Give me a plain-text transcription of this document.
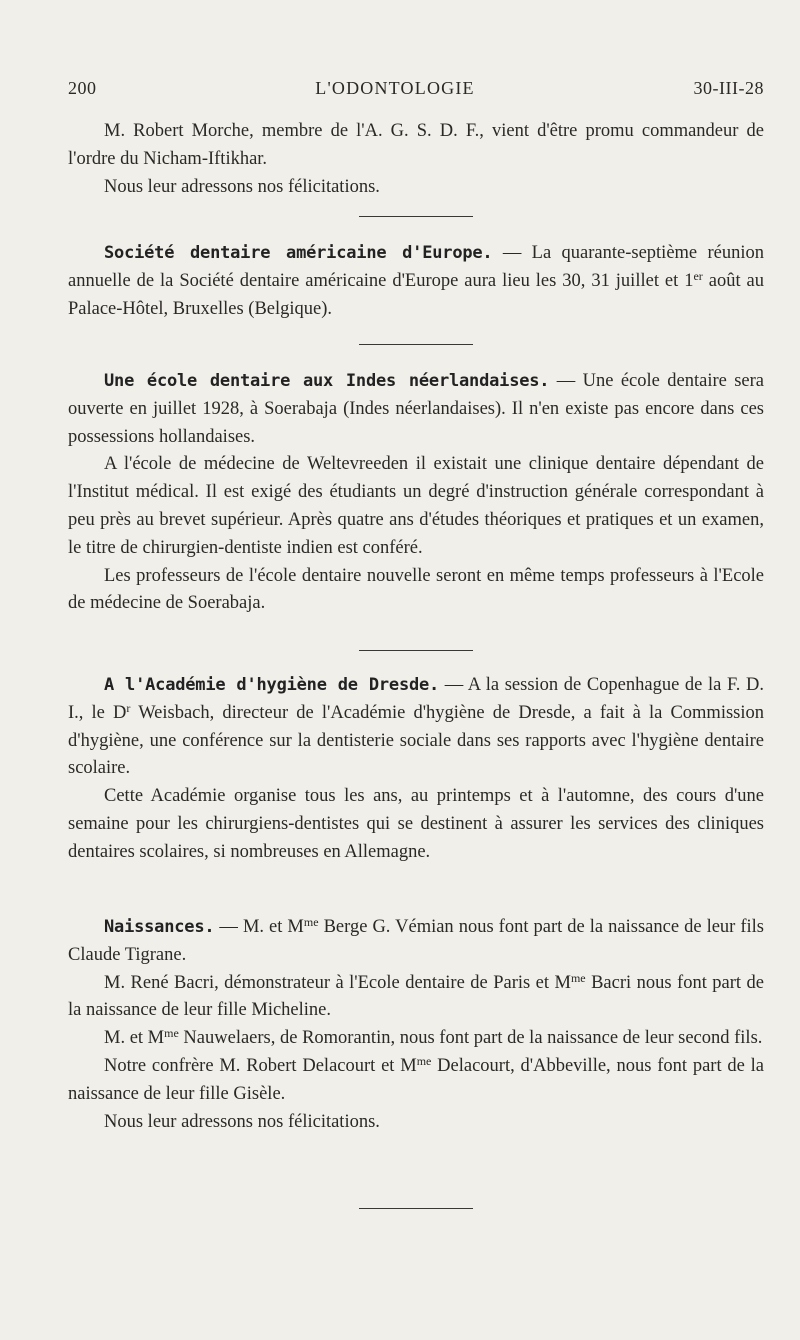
200	L'ODONTOLOGIE	30-III-28

M. Robert Morche, membre de l'A. G. S. D. F., vient d'être promu commandeur de l'ordre du Nicham-Iftikhar.

Nous leur adressons nos félicitations.

Société dentaire américaine d'Europe. — La quarante-septième réunion annuelle de la Société dentaire américaine d'Europe aura lieu les 30, 31 juillet et 1er août au Palace-Hôtel, Bruxelles (Belgique).

Une école dentaire aux Indes néerlandaises. — Une école dentaire sera ouverte en juillet 1928, à Soerabaja (Indes néerlandaises). Il n'en existe pas encore dans ces possessions hollandaises.

A l'école de médecine de Weltevreeden il existait une clinique dentaire dépendant de l'Institut médical. Il est exigé des étudiants un degré d'instruction générale correspondant à peu près au brevet supérieur. Après quatre ans d'études théoriques et pratiques et un examen, le titre de chirurgien-dentiste indien est conféré.

Les professeurs de l'école dentaire nouvelle seront en même temps professeurs à l'Ecole de médecine de Soerabaja.

A l'Académie d'hygiène de Dresde. — A la session de Copenhague de la F. D. I., le $D^r$ Weisbach, directeur de l'Académie d'hygiène de Dresde, a fait à la Commission d'hygiène, une conférence sur la dentisterie sociale dans ses rapports avec l'hygiène dentaire scolaire.

Cette Académie organise tous les ans, au printemps et à l'automne, des cours d'une semaine pour les chirurgiens-dentistes qui se destinent à assurer les services des cliniques dentaires scolaires, si nombreuses en Allemagne.

Naissances. — M. et $M^{me}$ Berge G. Vémian nous font part de la naissance de leur fils Claude Tigrane.

M. René Bacri, démonstrateur à l'Ecole dentaire de Paris et $M^{me}$ Bacri nous font part de la naissance de leur fille Micheline.

M. et $M^{me}$ Nauwelaers, de Romorantin, nous font part de la naissance de leur second fils.

Notre confrère M. Robert Delacourt et $M^{me}$ Delacourt, d'Abbeville, nous font part de la naissance de leur fille Gisèle.

Nous leur adressons nos félicitations.
